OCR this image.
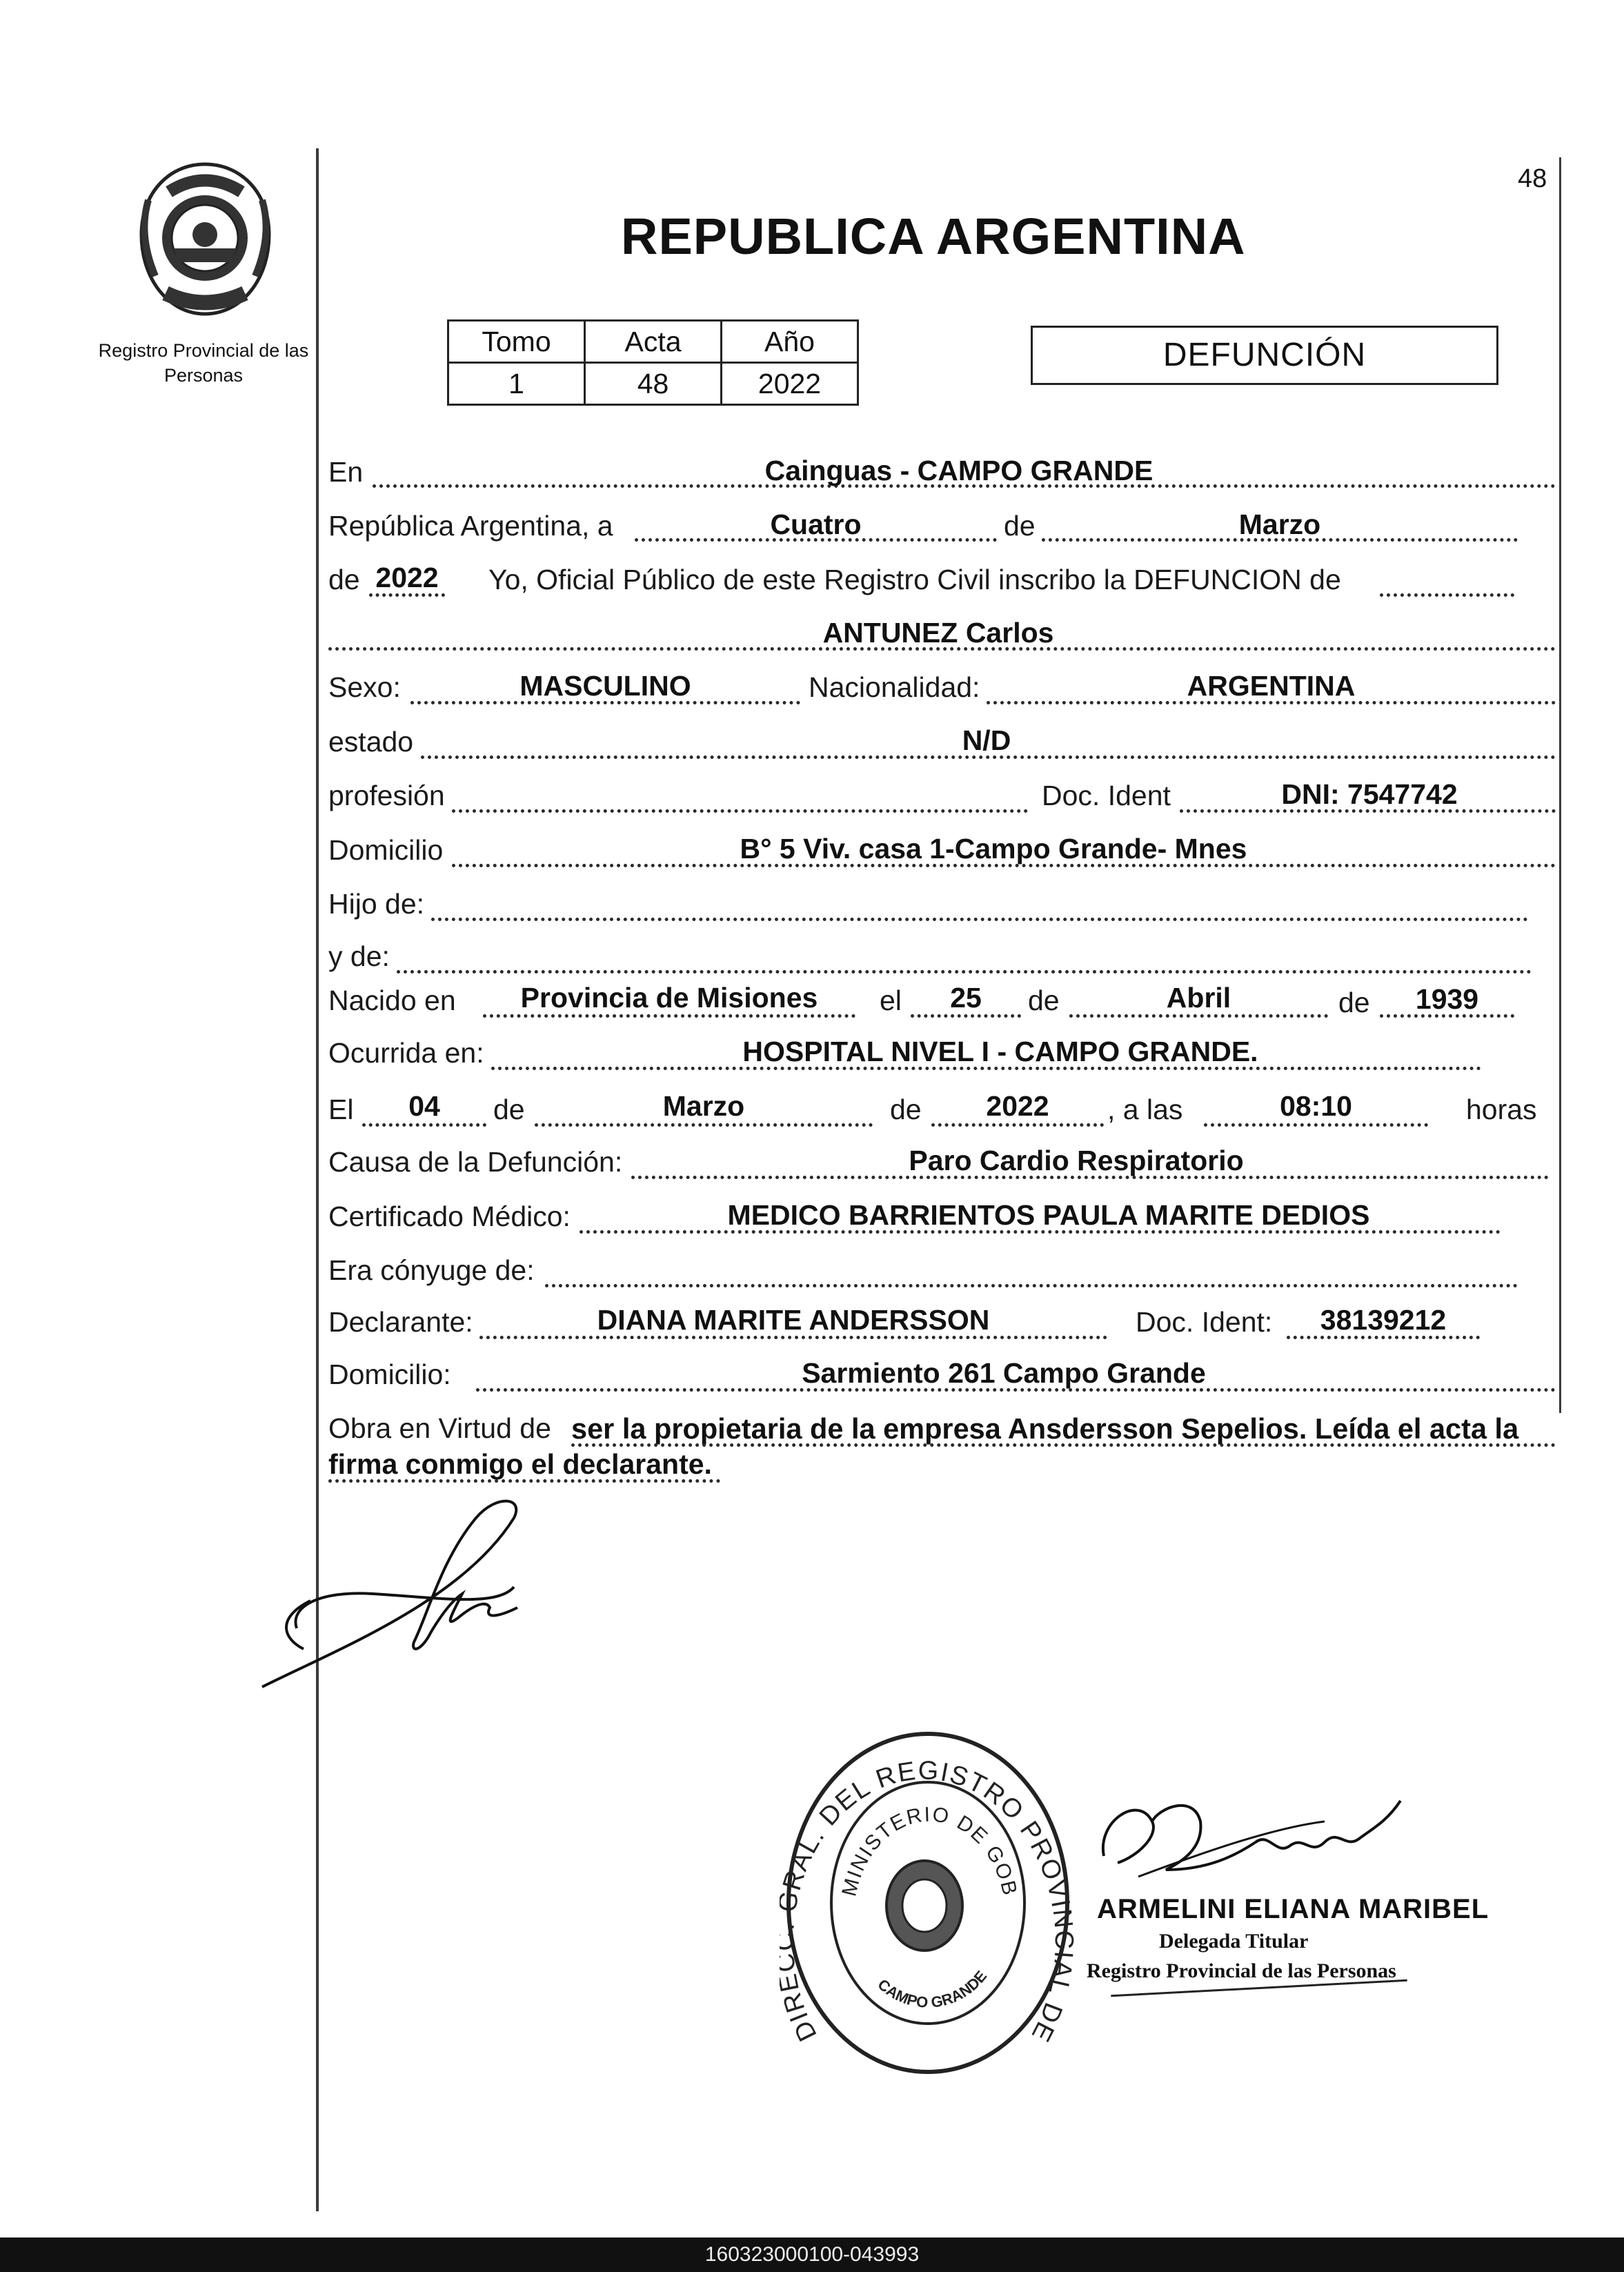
Registro Provincial de las Personas
48
REPUBLICA ARGENTINA
Tomo	Acta	Año
1	48	2022
DEFUNCIÓN
En	Cainguas - CAMPO GRANDE
República Argentina, a	Cuatro	de	Marzo
de 2022 Yo, Oficial Público de este Registro Civil inscribo la DEFUNCION de
ANTUNEZ Carlos
Sexo:	MASCULINO	Nacionalidad:	ARGENTINA
estado	N/D
profesión	Doc. Ident	DNI: 7547742
Domicilio	B° 5 Viv. casa 1-Campo Grande- Mnes
Hijo de:
y de:
Nacido en	Provincia de Misiones	el	25	de	Abril	de	1939
Ocurrida en:	HOSPITAL NIVEL I - CAMPO GRANDE.
El	04	de	Marzo	de	2022	, a las	08:10	horas
Causa de la Defunción:	Paro Cardio Respiratorio
Certificado Médico:	MEDICO BARRIENTOS PAULA MARITE DEDIOS
Era cónyuge de:
Declarante:	DIANA MARITE ANDERSSON	Doc. Ident:	38139212
Domicilio:	Sarmiento 261 Campo Grande
Obra en Virtud de ser la propietaria de la empresa Ansdersson Sepelios. Leída el acta la
firma conmigo el declarante.
DIR RAL. DEL REGISTRO PROVINCIAL DE
MINISTERIO DE GOB
CAMPO GRANDE
ARMELINI ELIANA MARIBEL
Delegada Titular
Registro Provincial de las Personas
160323000100-043993
